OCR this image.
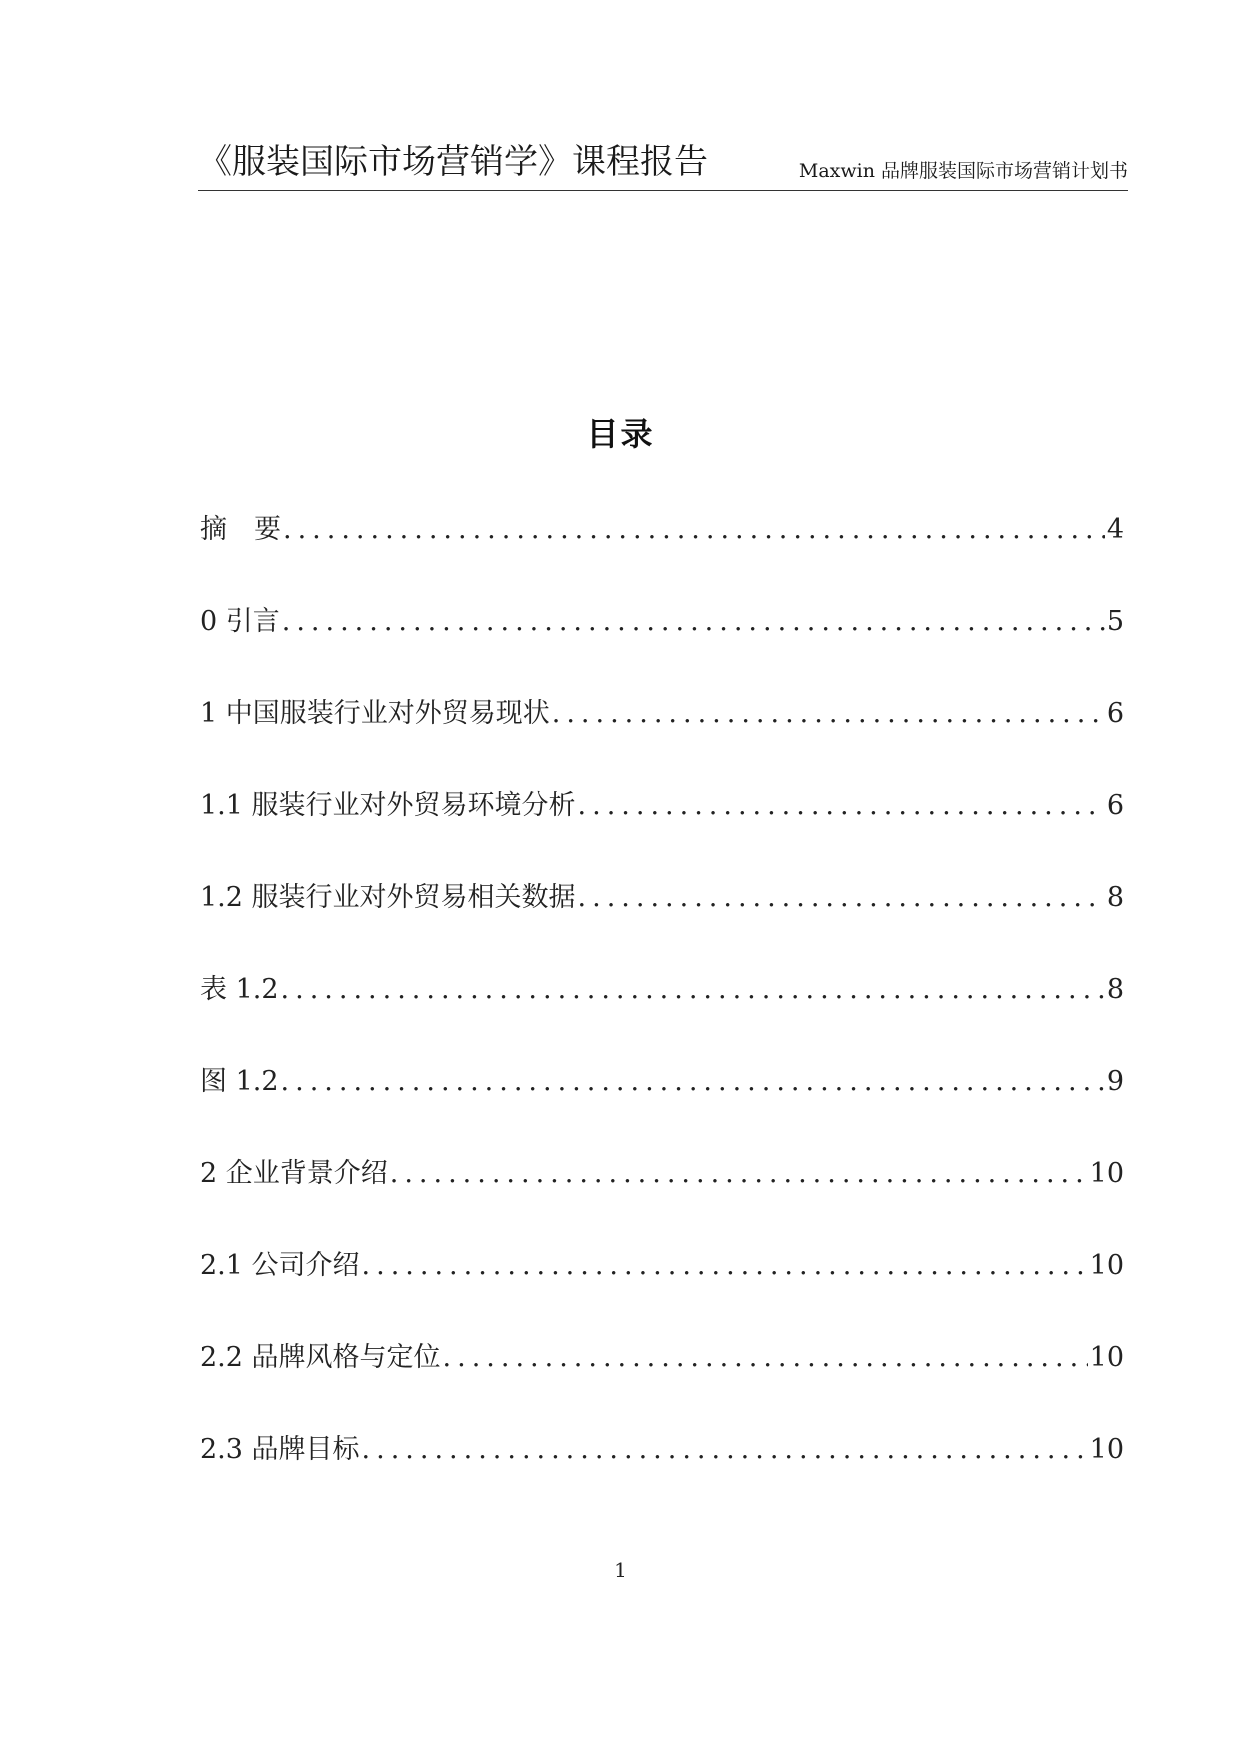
《服装国际市场营销学》课程报告	Maxwin 品牌服装国际市场营销计划书
目录
摘　要 .....	4
0 引言 .....	5
1 中国服装行业对外贸易现状 .....	6
1.1 服装行业对外贸易环境分析 .....	6
1.2 服装行业对外贸易相关数据 .....	8
表 1.2 .....	8
图 1.2 .....	9
2 企业背景介绍 .....	10
2.1 公司介绍 .....	10
2.2 品牌风格与定位 .....	10
2.3 品牌目标 .....	10
1
